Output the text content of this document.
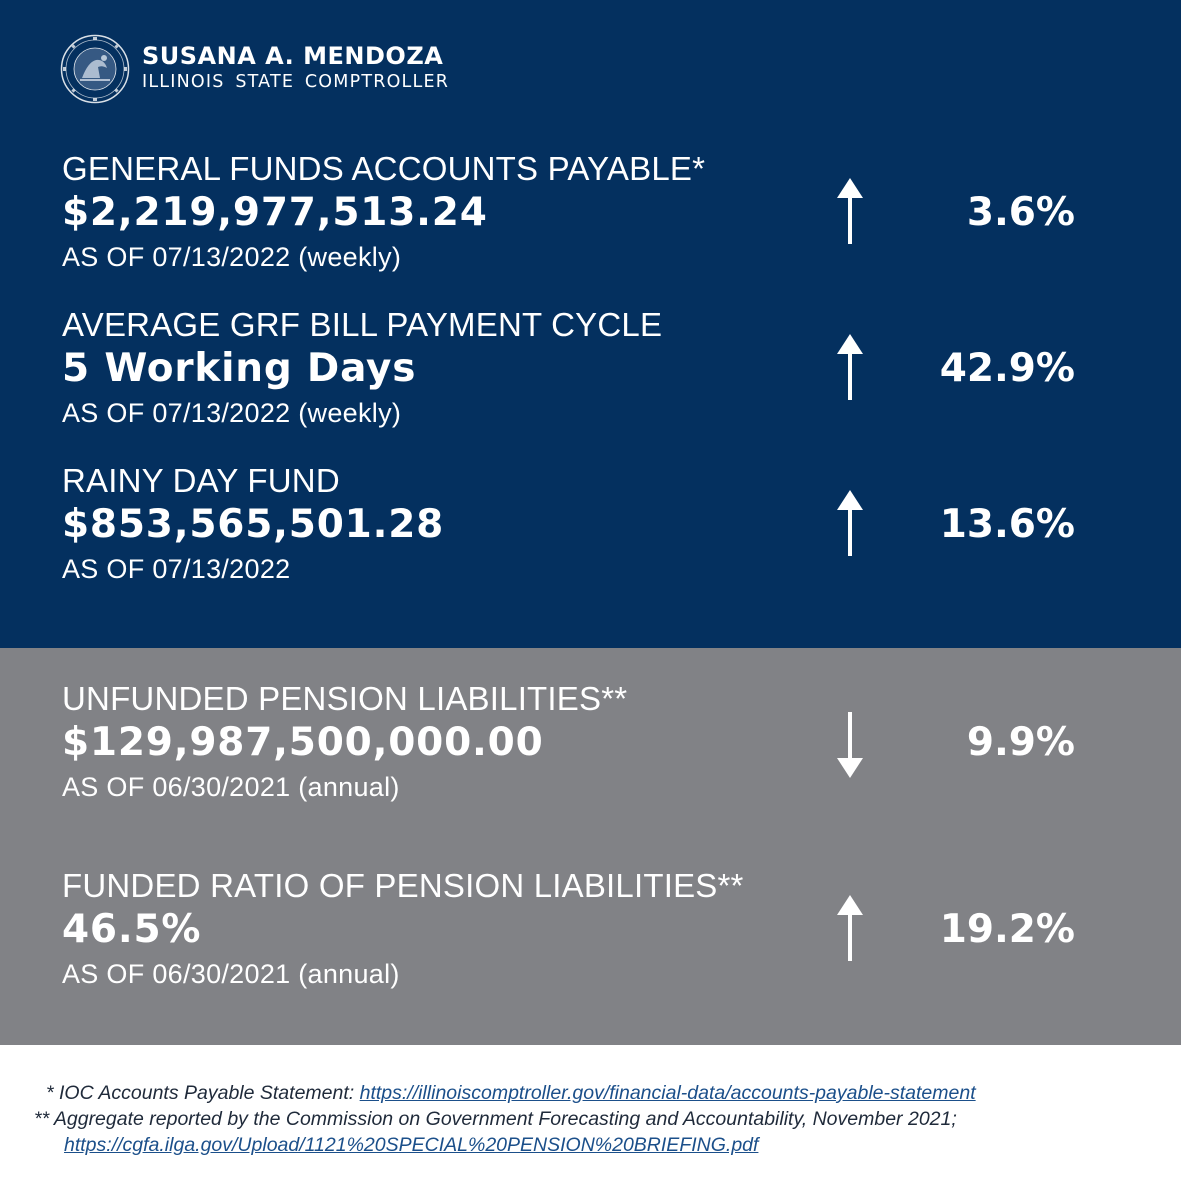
SUSANA A. MENDOZA
ILLINOIS STATE COMPTROLLER
GENERAL FUNDS ACCOUNTS PAYABLE*
$2,219,977,513.24
AS OF 07/13/2022 (weekly)
3.6%
AVERAGE GRF BILL PAYMENT CYCLE
5 Working Days
AS OF 07/13/2022 (weekly)
42.9%
RAINY DAY FUND
$853,565,501.28
AS OF 07/13/2022
13.6%
UNFUNDED PENSION LIABILITIES**
$129,987,500,000.00
AS OF 06/30/2021 (annual)
9.9%
FUNDED RATIO OF PENSION LIABILITIES**
46.5%
AS OF 06/30/2021 (annual)
19.2%
* IOC Accounts Payable Statement: https://illinoiscomptroller.gov/financial-data/accounts-payable-statement
** Aggregate reported by the Commission on Government Forecasting and Accountability, November 2021;
https://cgfa.ilga.gov/Upload/1121%20SPECIAL%20PENSION%20BRIEFING.pdf
